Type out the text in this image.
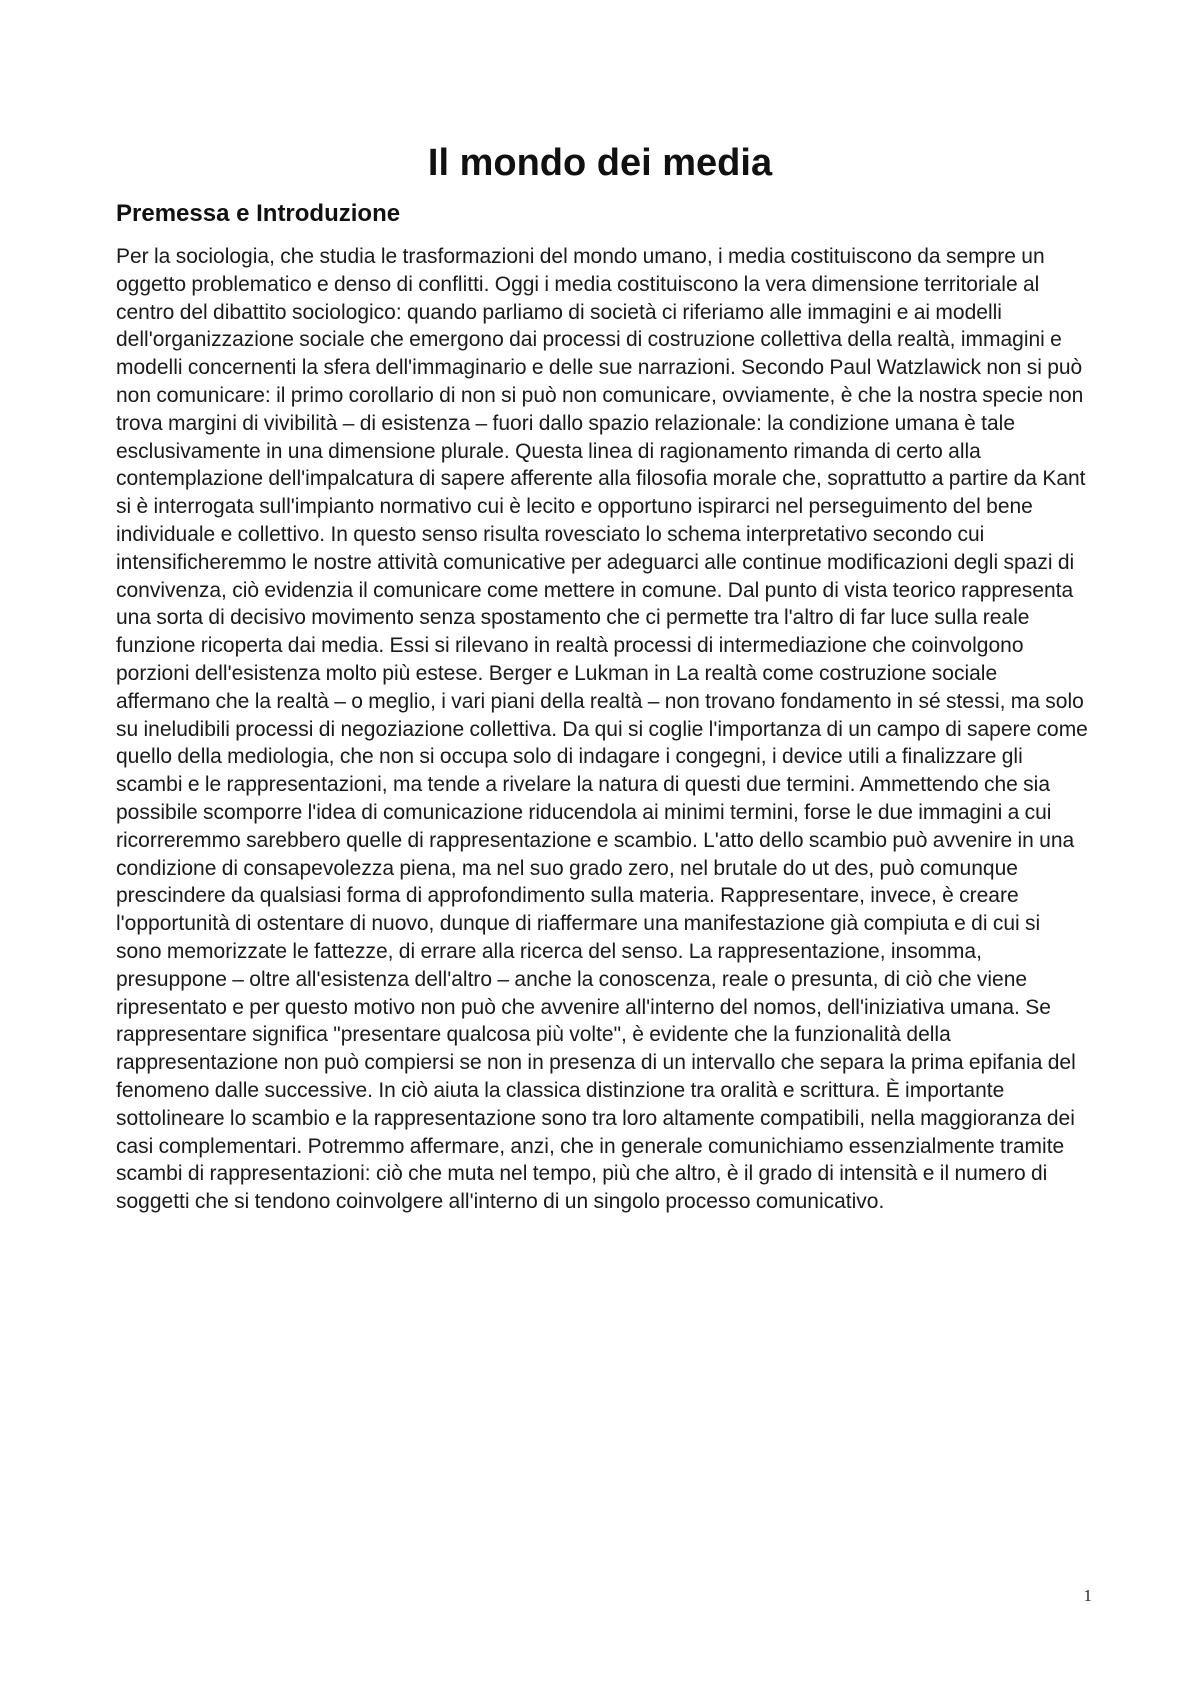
Il mondo dei media
Premessa e Introduzione

Per la sociologia, che studia le trasformazioni del mondo umano, i media costituiscono da sempre un oggetto problematico e denso di conflitti. Oggi i media costituiscono la vera dimensione territoriale al centro del dibattito sociologico: quando parliamo di società ci riferiamo alle immagini e ai modelli dell'organizzazione sociale che emergono dai processi di costruzione collettiva della realtà, immagini e modelli concernenti la sfera dell'immaginario e delle sue narrazioni. Secondo Paul Watzlawick non si può non comunicare: il primo corollario di non si può non comunicare, ovviamente, è che la nostra specie non trova margini di vivibilità – di esistenza – fuori dallo spazio relazionale: la condizione umana è tale esclusivamente in una dimensione plurale. Questa linea di ragionamento rimanda di certo alla contemplazione dell'impalcatura di sapere afferente alla filosofia morale che, soprattutto a partire da Kant si è interrogata sull'impianto normativo cui è lecito e opportuno ispirarci nel perseguimento del bene individuale e collettivo. In questo senso risulta rovesciato lo schema interpretativo secondo cui intensificheremmo le nostre attività comunicative per adeguarci alle continue modificazioni degli spazi di convivenza, ciò evidenzia il comunicare come mettere in comune. Dal punto di vista teorico rappresenta una sorta di decisivo movimento senza spostamento che ci permette tra l'altro di far luce sulla reale funzione ricoperta dai media. Essi si rilevano in realtà processi di intermediazione che coinvolgono porzioni dell'esistenza molto più estese. Berger e Lukman in La realtà come costruzione sociale affermano che la realtà – o meglio, i vari piani della realtà – non trovano fondamento in sé stessi, ma solo su ineludibili processi di negoziazione collettiva. Da qui si coglie l'importanza di un campo di sapere come quello della mediologia, che non si occupa solo di indagare i congegni, i device utili a finalizzare gli scambi e le rappresentazioni, ma tende a rivelare la natura di questi due termini. Ammettendo che sia possibile scomporre l'idea di comunicazione riducendola ai minimi termini, forse le due immagini a cui ricorreremmo sarebbero quelle di rappresentazione e scambio. L'atto dello scambio può avvenire in una condizione di consapevolezza piena, ma nel suo grado zero, nel brutale do ut des, può comunque prescindere da qualsiasi forma di approfondimento sulla materia. Rappresentare, invece, è creare l'opportunità di ostentare di nuovo, dunque di riaffermare una manifestazione già compiuta e di cui si sono memorizzate le fattezze, di errare alla ricerca del senso. La rappresentazione, insomma, presuppone – oltre all'esistenza dell'altro – anche la conoscenza, reale o presunta, di ciò che viene ripresentato e per questo motivo non può che avvenire all'interno del nomos, dell'iniziativa umana. Se rappresentare significa "presentare qualcosa più volte", è evidente che la funzionalità della rappresentazione non può compiersi se non in presenza di un intervallo che separa la prima epifania del fenomeno dalle successive. In ciò aiuta la classica distinzione tra oralità e scrittura. È importante sottolineare lo scambio e la rappresentazione sono tra loro altamente compatibili, nella maggioranza dei casi complementari. Potremmo affermare, anzi, che in generale comunichiamo essenzialmente tramite scambi di rappresentazioni: ciò che muta nel tempo, più che altro, è il grado di intensità e il numero di soggetti che si tendono coinvolgere all'interno di un singolo processo comunicativo.

1
